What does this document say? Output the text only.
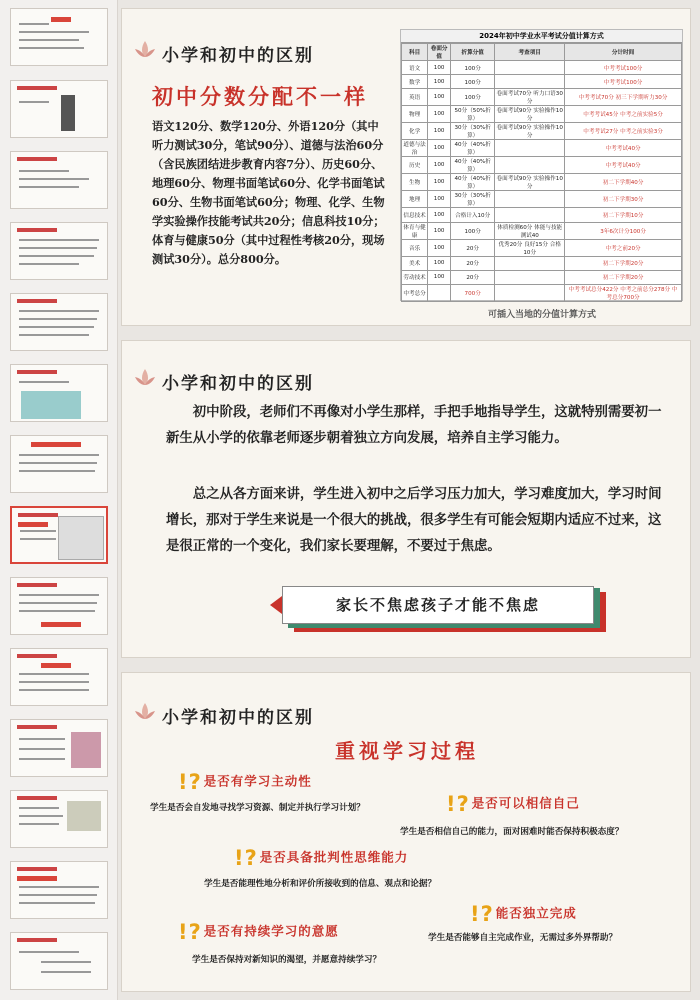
小学和初中的区别
初中分数分配不一样
语文120分、数学120分、外语120分（其中听力测试30分，笔试90分）、道德与法治60分（含民族团结进步教育内容7分）、历史60分、地理60分、物理书面笔试60分、化学书面笔试60分、生物书面笔试60分；物理、化学、生物学实验操作技能考试共20分；信息科技10分；体育与健康50分（其中过程性考核20分，现场测试30分）。总分800分。
2024年初中学业水平考试分值计算方式
科目	卷面分值	折算分值	考查项目	分计时间
语文	100	100分		中考考试100分
数学	100	100分		中考考试100分
英语	100	100分	卷面考试70分 听力口语30分	中考考试70分 初三下学期听力30分
物理	100	50分（50%折算）	卷面考试90分 实验操作10分	中考考试45分 中考之前实验5分
化学	100	30分（30%折算）	卷面考试90分 实验操作10分	中考考试27分 中考之前实验3分
道德与法治	100	40分（40%折算）		中考考试40分
历史	100	40分（40%折算）		中考考试40分
生物	100	40分（40%折算）	卷面考试90分 实验操作10分	初二下学期40分
地理	100	30分（30%折算）		初二下学期30分
信息技术	100	合格计入10分		初二下学期10分
体育与健康	100	100分	体质检测60分 体能与技能测试40	3年6次计分100分
音乐	100	20分	优秀20分 良好15分 合格10分	中考之前20分
美术	100	20分		初二下学期20分
劳动技术	100	20分		初二下学期20分
中考总分		700分		中考考试总分422分 中考之前总分278分 中考总分700分
可插入当地的分值计算方式
小学和初中的区别
初中阶段，老师们不再像对小学生那样，手把手地指导学生，这就特别需要初一新生从小学的依靠老师逐步朝着独立方向发展，培养自主学习能力。
总之从各方面来讲，学生进入初中之后学习压力加大，学习难度加大，学习时间增长，那对于学生来说是一个很大的挑战，很多学生有可能会短期内适应不过来，这是很正常的一个变化，我们家长要理解，不要过于焦虑。
家长不焦虑孩子才能不焦虑
小学和初中的区别
重视学习过程
!? 是否有学习主动性
学生是否会自发地寻找学习资源、制定并执行学习计划？	!? 是否可以相信自己
学生是否相信自己的能力，面对困难时能否保持积极态度？
!? 是否具备批判性思维能力
学生是否能理性地分析和评价所接收到的信息、观点和论据？
!? 能否独立完成
学生是否能够自主完成作业，无需过多外界帮助？
!? 是否有持续学习的意愿
学生是否保持对新知识的渴望，并愿意持续学习？
